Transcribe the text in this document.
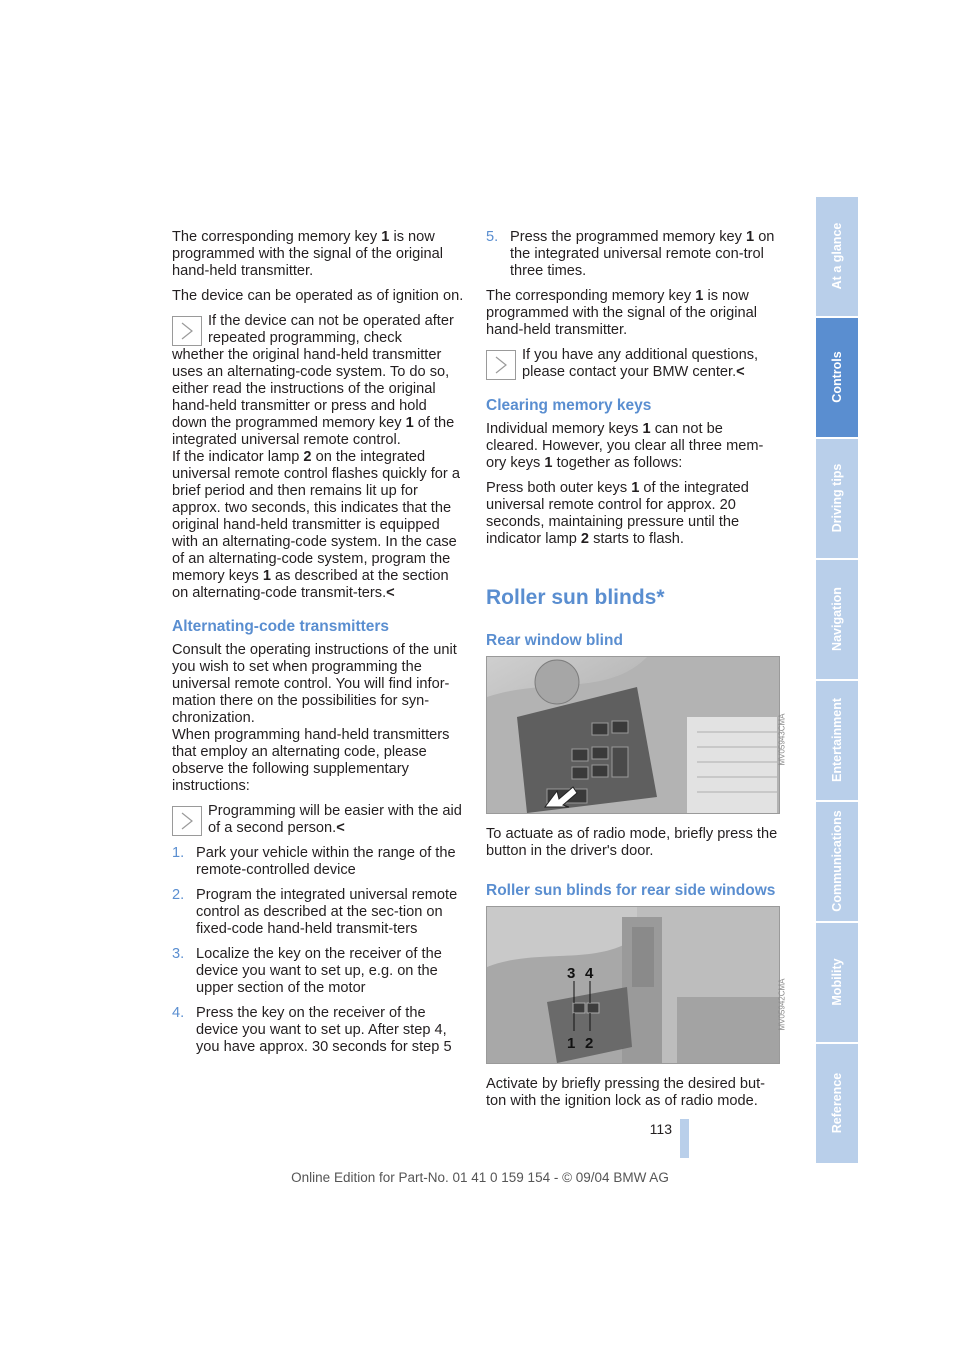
The corresponding memory key 1 is now programmed with the signal of the original hand-held transmitter.

The device can be operated as of ignition on.

If the device can not be operated after repeated programming, check
whether the original hand-held transmitter uses an alternating-code system. To do so, either read the instructions of the original hand-held transmitter or press and hold down the programmed memory key 1 of the integrated universal remote control.
If the indicator lamp 2 on the integrated universal remote control flashes quickly for a brief period and then remains lit up for approx. two seconds, this indicates that the original hand-held transmitter is equipped with an alternating-code system. In the case of an alternating-code system, program the memory keys 1 as described at the section on alternating-code transmit-ters.<
Alternating-code transmitters

Consult the operating instructions of the unit you wish to set when programming the universal remote control. You will find infor-mation there on the possibilities for syn-chronization.

When programming hand-held transmitters that employ an alternating code, please observe the following supplementary instructions:

Programming will be easier with the aid of a second person.<
1. Park your vehicle within the range of the remote-controlled device
2. Program the integrated universal remote control as described at the sec-tion on fixed-code hand-held transmit-ters
3. Localize the key on the receiver of the device you want to set up, e.g. on the upper section of the motor
4. Press the key on the receiver of the device you want to set up. After step 4, you have approx. 30 seconds for step 5
5. Press the programmed memory key 1 on the integrated universal remote con-trol three times.

The corresponding memory key 1 is now programmed with the signal of the original hand-held transmitter.

If you have any additional questions, please contact your BMW center.<
Clearing memory keys

Individual memory keys 1 can not be cleared. However, you clear all three mem-ory keys 1 together as follows:

Press both outer keys 1 of the integrated universal remote control for approx. 20 seconds, maintaining pressure until the indicator lamp 2 starts to flash.

Roller sun blinds*
Rear window blind

To actuate as of radio mode, briefly press the button in the driver's door.

Roller sun blinds for rear side windows
3 4
1 2

Activate by briefly pressing the desired but-ton with the ignition lock as of radio mode.

MV05943CMA
MV05942CMA
At a glance
Controls
Driving tips
Navigation
Entertainment
Communications
Mobility
Reference
113
Online Edition for Part-No. 01 41 0 159 154 - © 09/04 BMW AG
